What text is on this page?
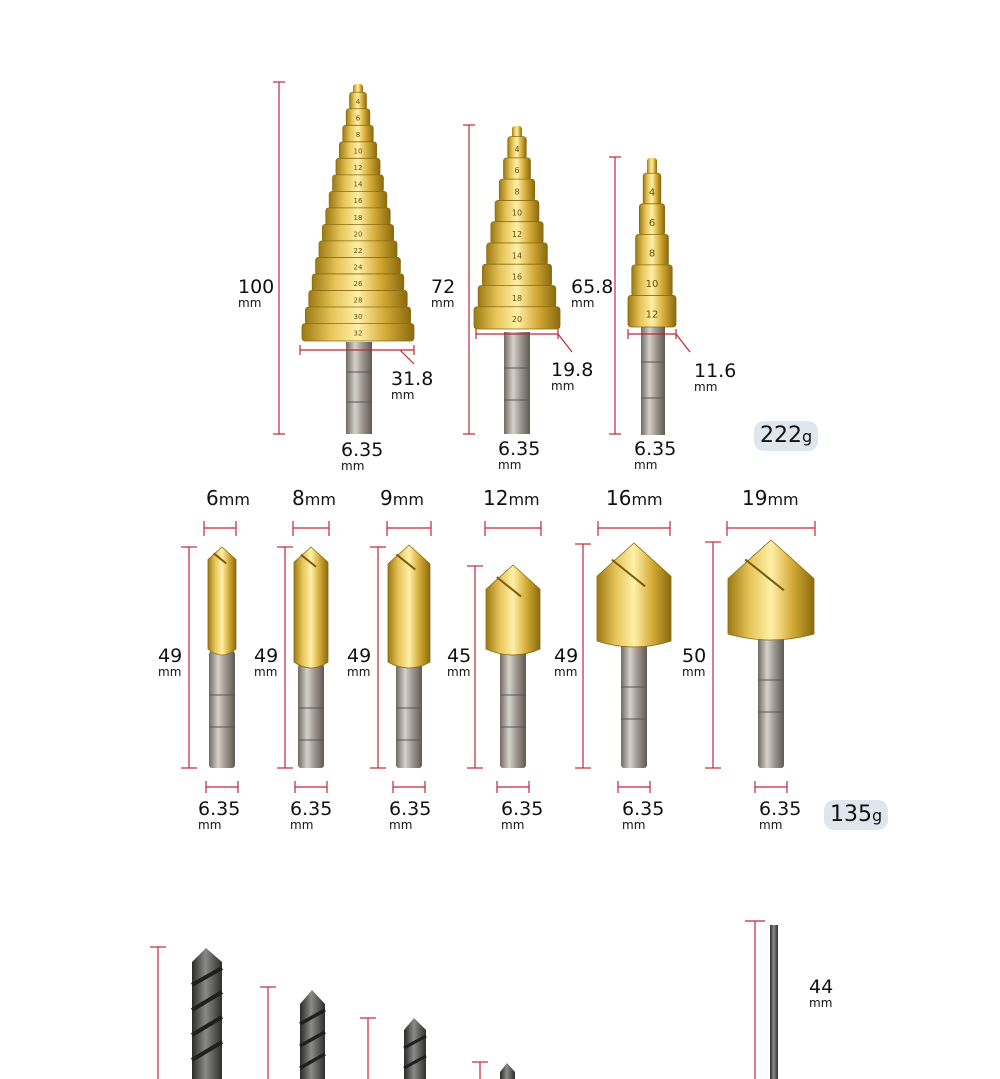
4
6
8
10
12
14
16
18
20
22
24
26
28
30
32
4
6
8
10
12
14
16
18
20
4
6
8
10
12
100
mm
31.8
mm
6.35
mm
72
mm
19.8
mm
6.35
mm
65.8
mm
11.6
mm
6.35
mm
222g
6mm 8mm 9mm	12mm	16mm	19mm
49
mm
49
mm
49
mm
45
mm
49
mm
50
mm
6.35
mm
6.35
mm
6.35
mm
6.35
mm
6.35
mm
6.35
mm	135g
44
mm
